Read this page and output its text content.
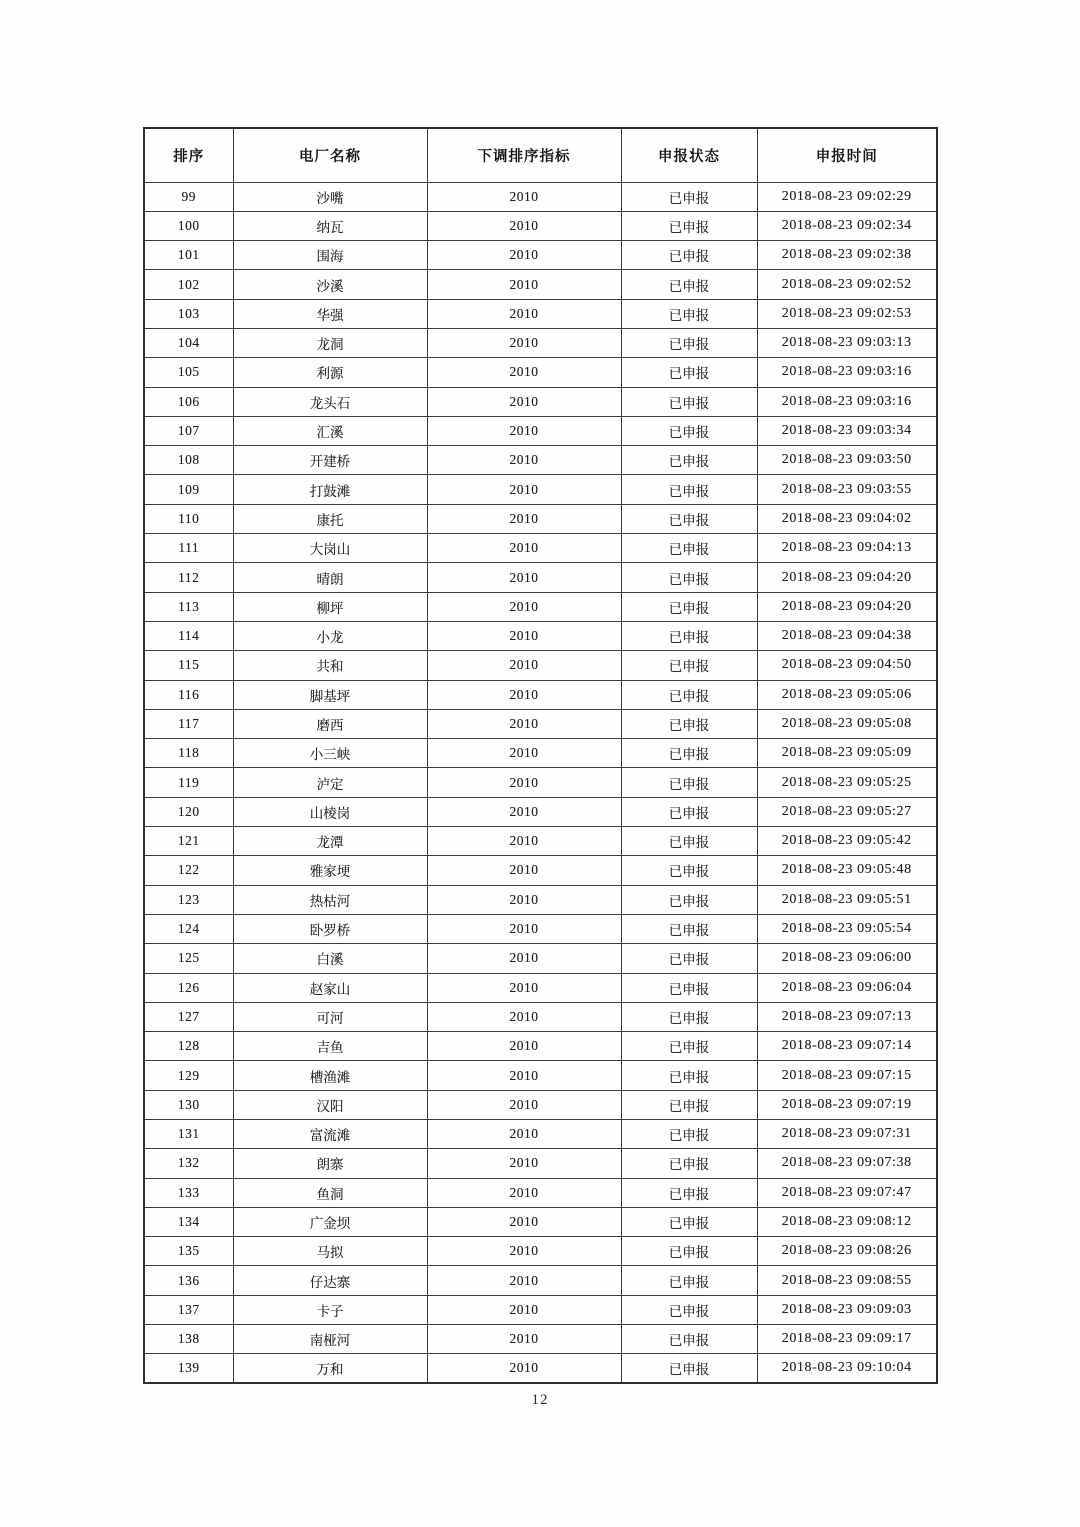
排序	电厂名称	下调排序指标	申报状态	申报时间
99	沙嘴	2010	已申报	2018-08-23 09:02:29
100	纳瓦	2010	已申报	2018-08-23 09:02:34
101	围海	2010	已申报	2018-08-23 09:02:38
102	沙溪	2010	已申报	2018-08-23 09:02:52
103	华强	2010	已申报	2018-08-23 09:02:53
104	龙洞	2010	已申报	2018-08-23 09:03:13
105	利源	2010	已申报	2018-08-23 09:03:16
106	龙头石	2010	已申报	2018-08-23 09:03:16
107	汇溪	2010	已申报	2018-08-23 09:03:34
108	开建桥	2010	已申报	2018-08-23 09:03:50
109	打鼓滩	2010	已申报	2018-08-23 09:03:55
110	康托	2010	已申报	2018-08-23 09:04:02
111	大岗山	2010	已申报	2018-08-23 09:04:13
112	晴朗	2010	已申报	2018-08-23 09:04:20
113	柳坪	2010	已申报	2018-08-23 09:04:20
114	小龙	2010	已申报	2018-08-23 09:04:38
115	共和	2010	已申报	2018-08-23 09:04:50
116	脚基坪	2010	已申报	2018-08-23 09:05:06
117	磨西	2010	已申报	2018-08-23 09:05:08
118	小三峡	2010	已申报	2018-08-23 09:05:09
119	泸定	2010	已申报	2018-08-23 09:05:25
120	山棱岗	2010	已申报	2018-08-23 09:05:27
121	龙潭	2010	已申报	2018-08-23 09:05:42
122	雅家埂	2010	已申报	2018-08-23 09:05:48
123	热枯河	2010	已申报	2018-08-23 09:05:51
124	卧罗桥	2010	已申报	2018-08-23 09:05:54
125	白溪	2010	已申报	2018-08-23 09:06:00
126	赵家山	2010	已申报	2018-08-23 09:06:04
127	可河	2010	已申报	2018-08-23 09:07:13
128	吉鱼	2010	已申报	2018-08-23 09:07:14
129	槽渔滩	2010	已申报	2018-08-23 09:07:15
130	汉阳	2010	已申报	2018-08-23 09:07:19
131	富流滩	2010	已申报	2018-08-23 09:07:31
132	朗寨	2010	已申报	2018-08-23 09:07:38
133	鱼洞	2010	已申报	2018-08-23 09:07:47
134	广金坝	2010	已申报	2018-08-23 09:08:12
135	马拟	2010	已申报	2018-08-23 09:08:26
136	仔达寨	2010	已申报	2018-08-23 09:08:55
137	卡子	2010	已申报	2018-08-23 09:09:03
138	南桠河	2010	已申报	2018-08-23 09:09:17
139	万和	2010	已申报	2018-08-23 09:10:04
12
